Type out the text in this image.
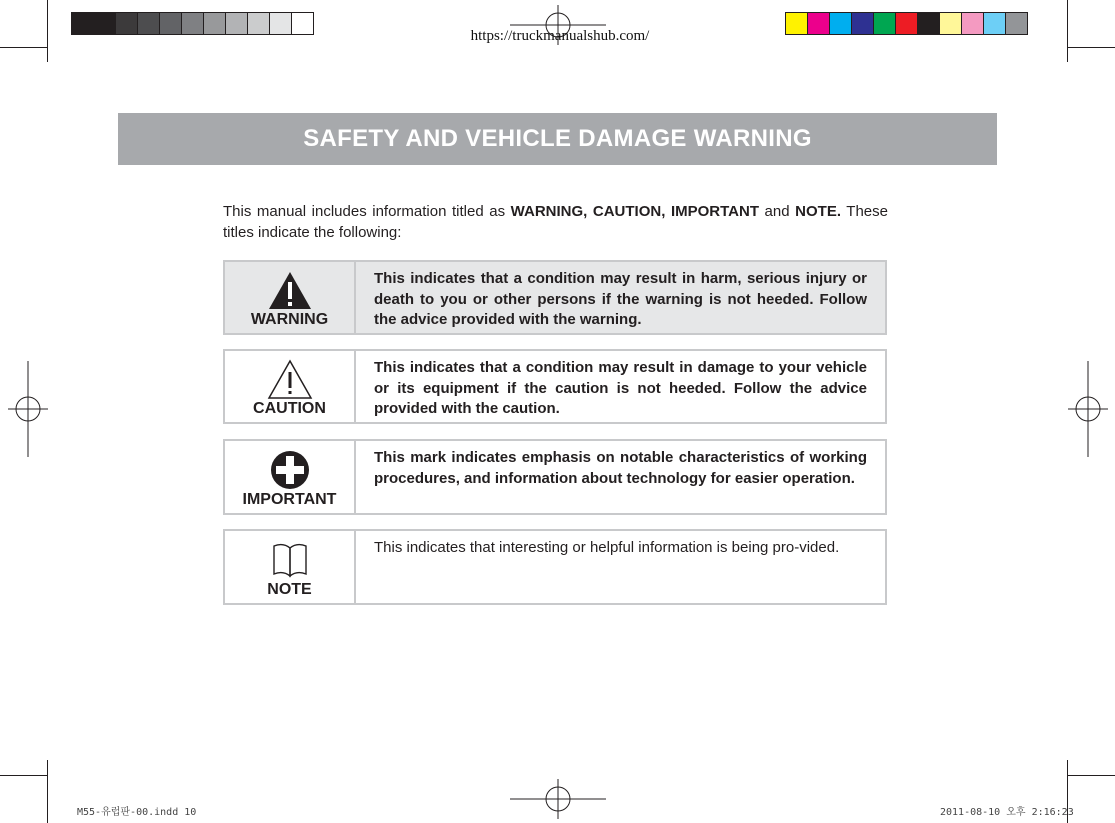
https://truckmanualshub.com/
SAFETY AND VEHICLE DAMAGE WARNING
This manual includes information titled as WARNING, CAUTION, IMPORTANT and NOTE. These titles indicate the following:
WARNING
This indicates that a condition may result in harm, serious injury or death to you or other persons if the warning is not heeded. Follow the advice provided with the warning.
CAUTION
This indicates that a condition may result in damage to your vehicle or its equipment if the caution is not heeded. Follow the advice provided with the caution.
IMPORTANT
This mark indicates emphasis on notable characteristics of working procedures, and information about technology for easier operation.
NOTE
This indicates that interesting or helpful information is being pro-vided.
M55-유럽판-00.indd 10	2011-08-10 오후 2:16:23
